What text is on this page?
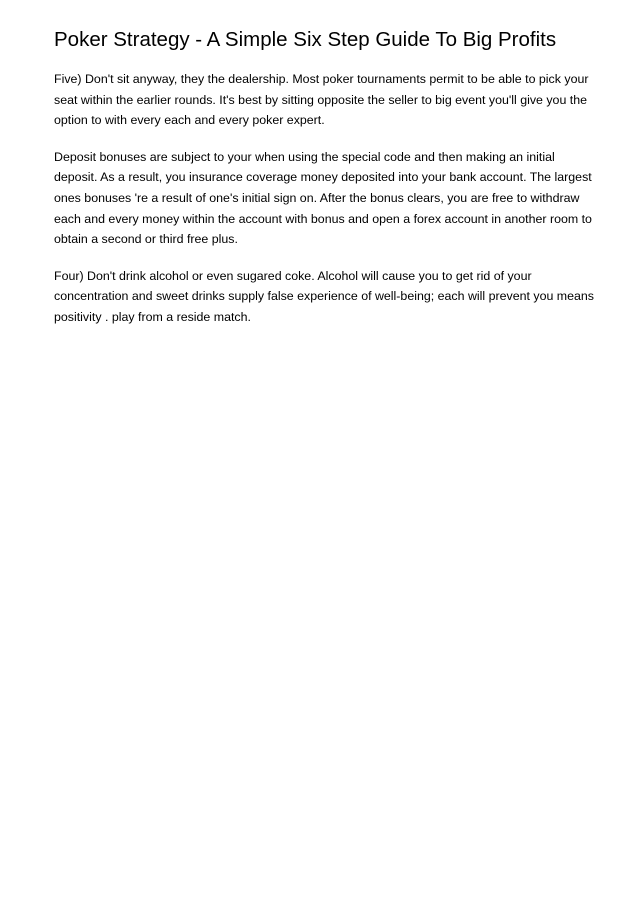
Poker Strategy - A Simple Six Step Guide To Big Profits

Five) Don't sit anyway, they the dealership. Most poker tournaments permit to be able to pick your seat within the earlier rounds. It's best by sitting opposite the seller to big event you'll give you the option to with every each and every poker expert.

Deposit bonuses are subject to your when using the special code and then making an initial deposit. As a result, you insurance coverage money deposited into your bank account. The largest ones bonuses 're a result of one's initial sign on. After the bonus clears, you are free to withdraw each and every money within the account with bonus and open a forex account in another room to obtain a second or third free plus.

Four) Don't drink alcohol or even sugared coke. Alcohol will cause you to get rid of your concentration and sweet drinks supply false experience of well-being; each will prevent you means positivity . play from a reside match.
